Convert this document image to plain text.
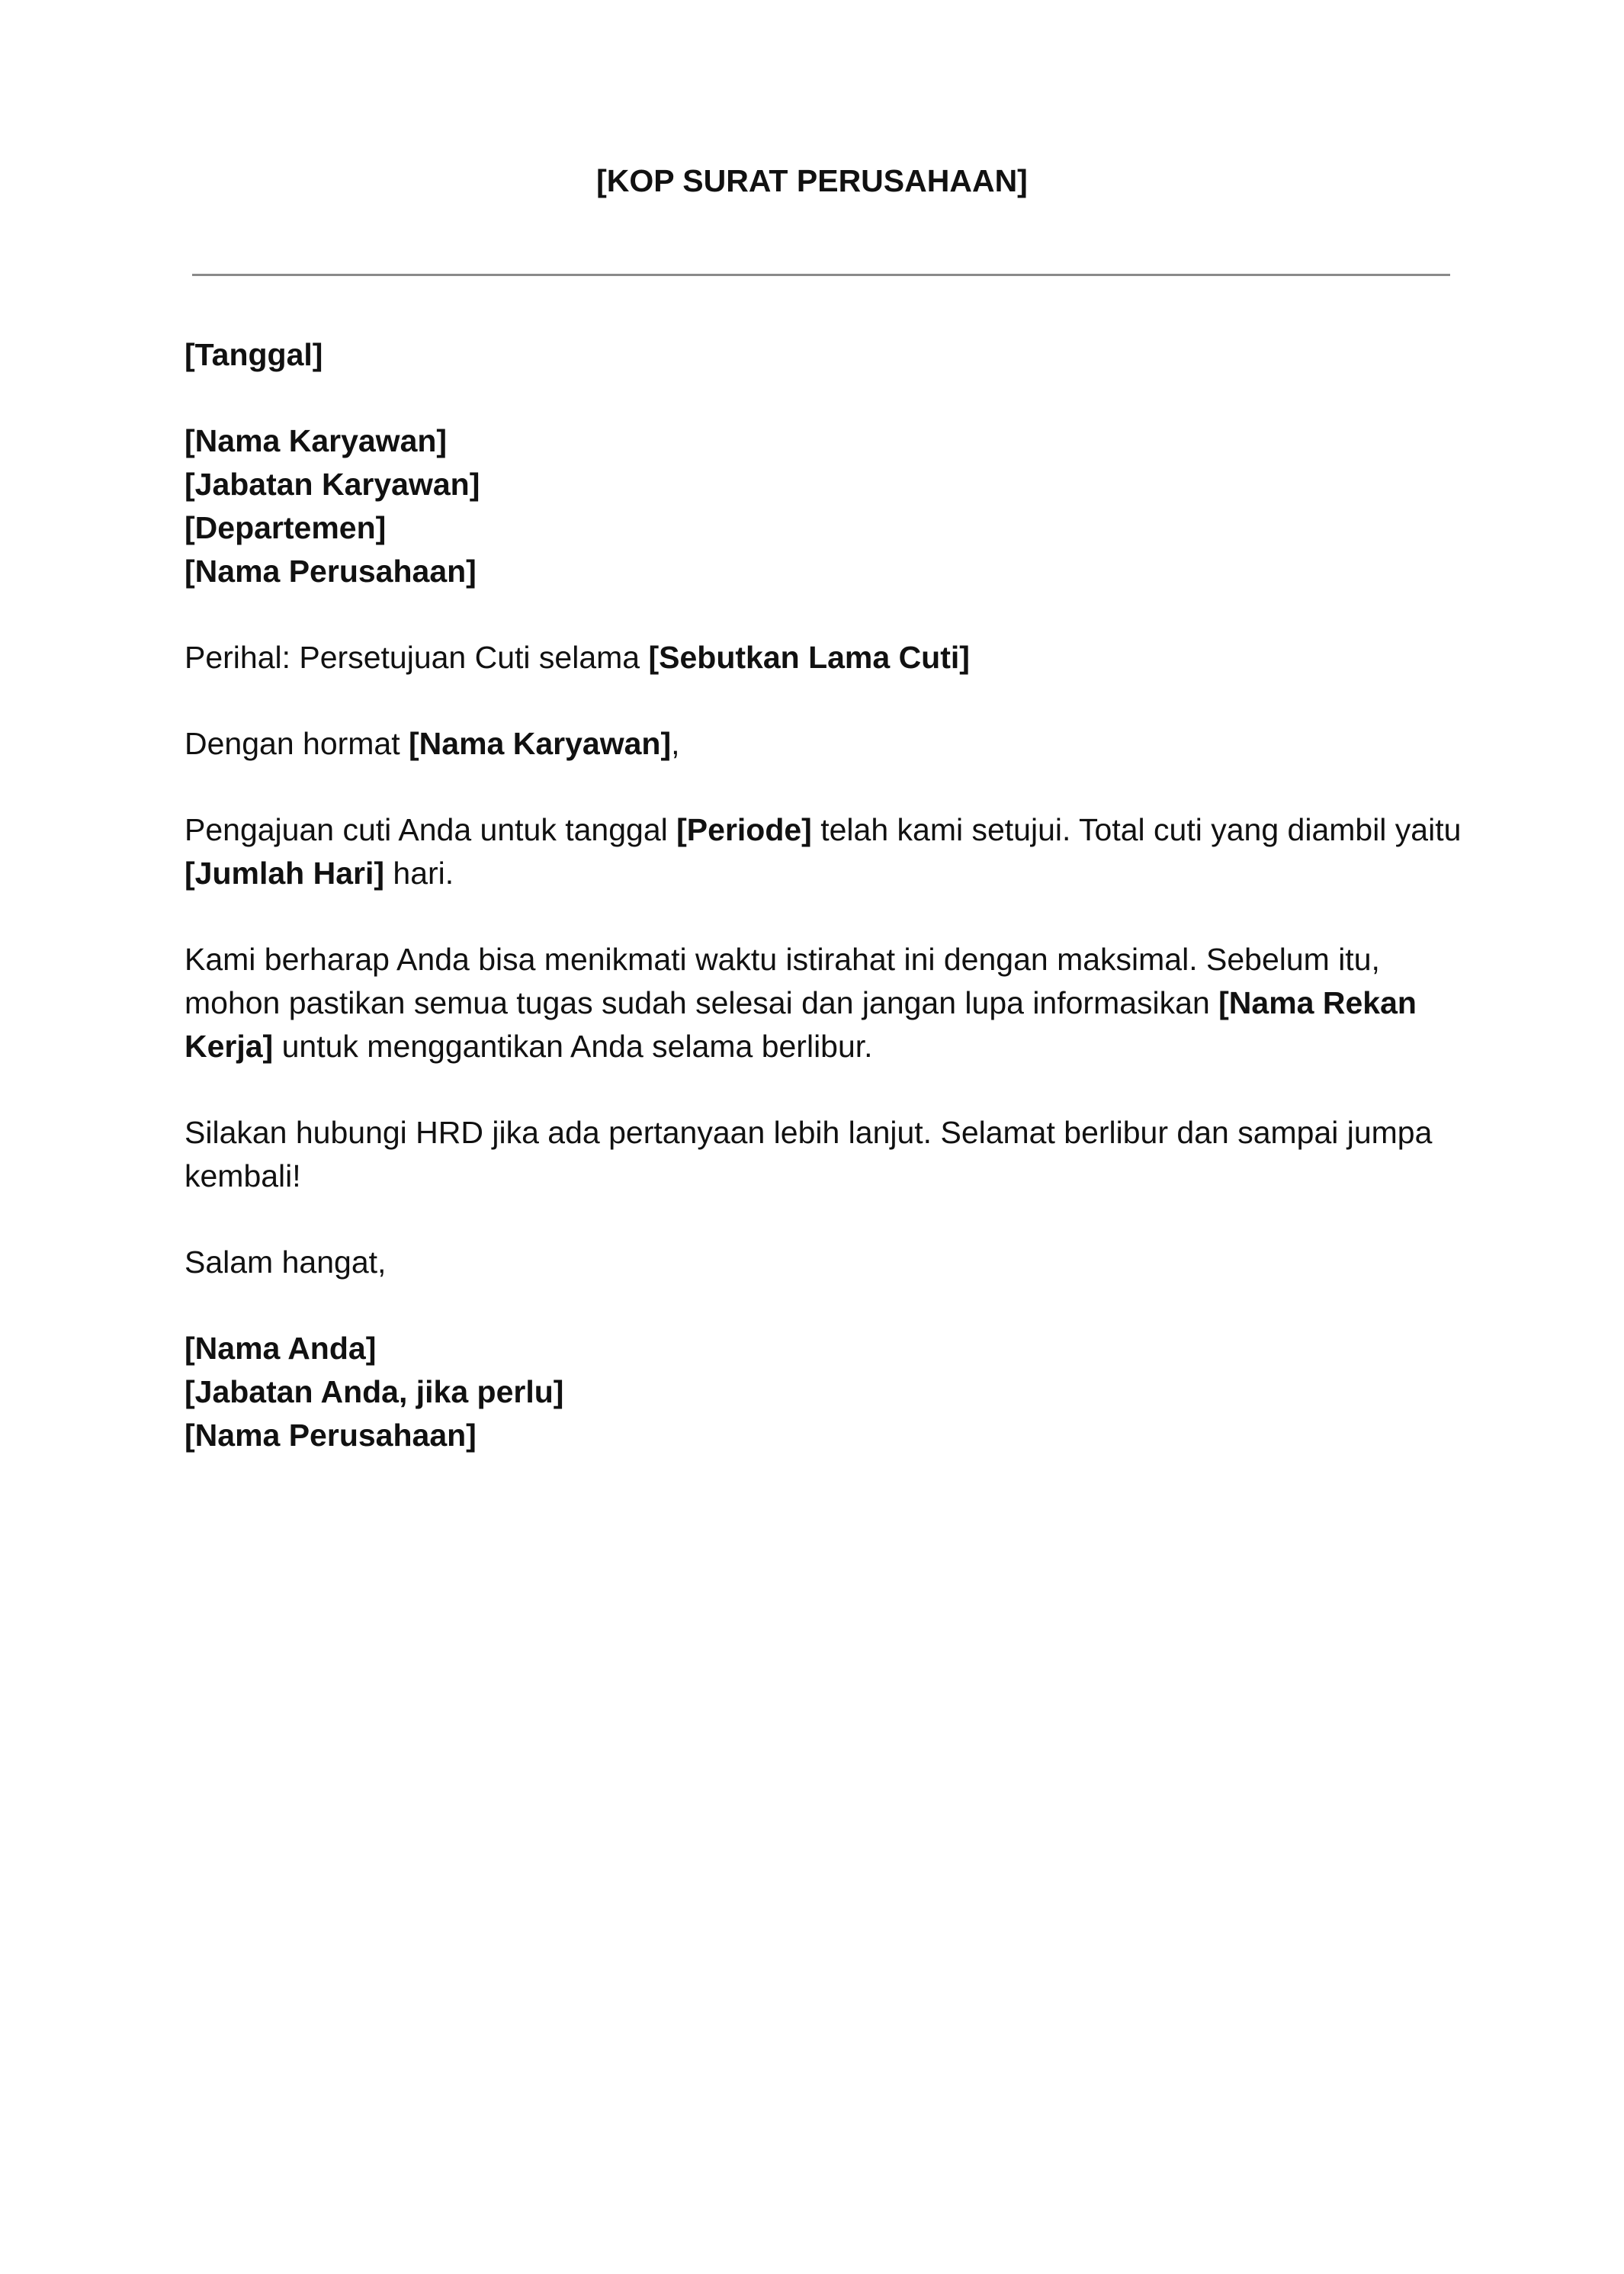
[KOP SURAT PERUSAHAAN]
[Tanggal]
[Nama Karyawan]
[Jabatan Karyawan]
[Departemen]
[Nama Perusahaan]
Perihal: Persetujuan Cuti selama [Sebutkan Lama Cuti]
Dengan hormat [Nama Karyawan],
Pengajuan cuti Anda untuk tanggal [Periode] telah kami setujui. Total cuti yang diambil yaitu [Jumlah Hari] hari.
Kami berharap Anda bisa menikmati waktu istirahat ini dengan maksimal. Sebelum itu, mohon pastikan semua tugas sudah selesai dan jangan lupa informasikan [Nama Rekan Kerja] untuk menggantikan Anda selama berlibur.
Silakan hubungi HRD jika ada pertanyaan lebih lanjut. Selamat berlibur dan sampai jumpa kembali!
Salam hangat,
[Nama Anda]
[Jabatan Anda, jika perlu]
[Nama Perusahaan]
